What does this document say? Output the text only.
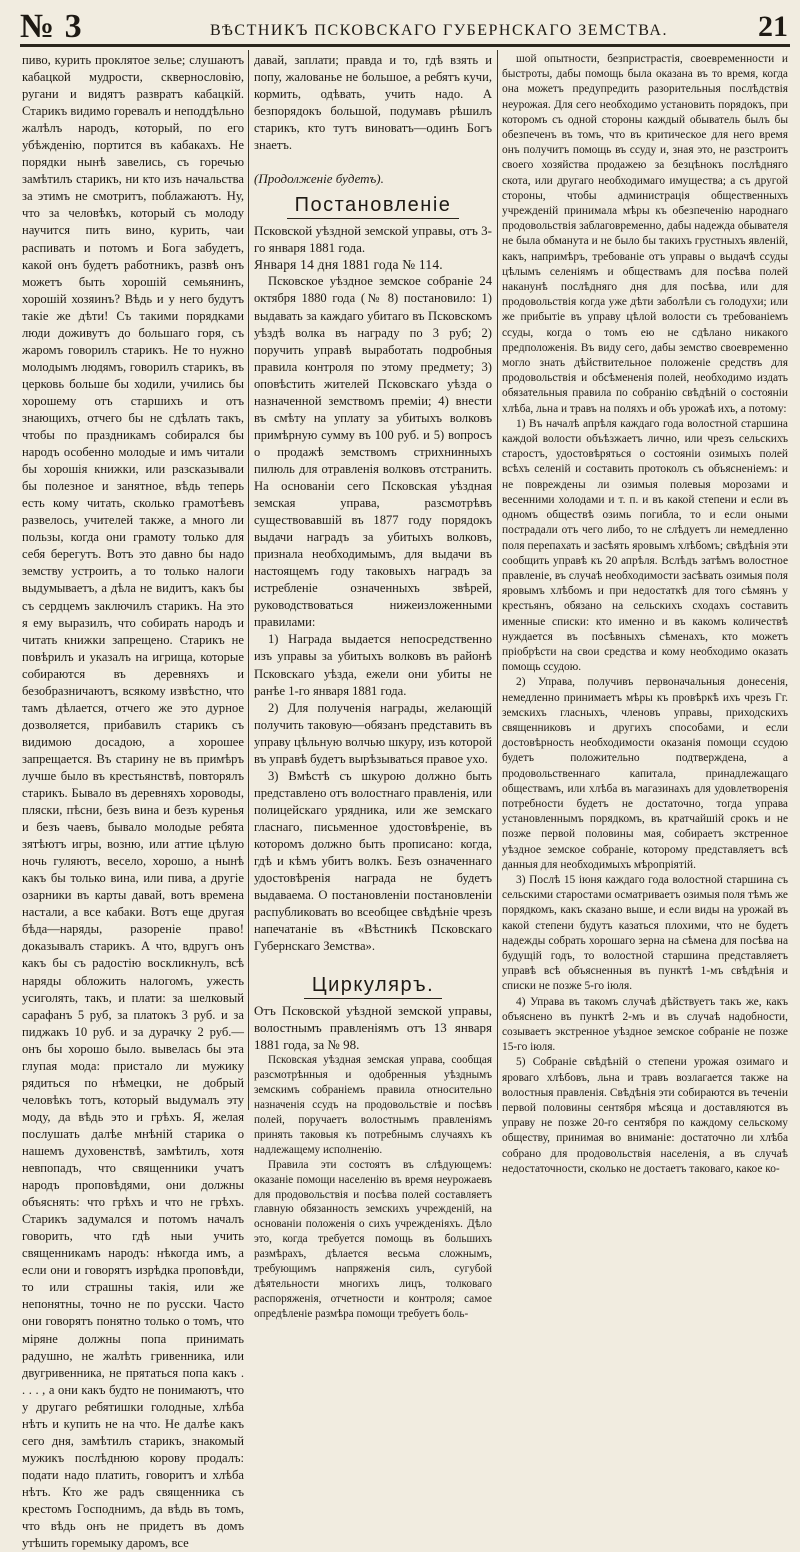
№ 3	ВѢСТНИКЪ ПСКОВСКАГО ГУБЕРНСКАГО ЗЕМСТВА.	21

пиво, курить проклятое зелье; слушаютъ кабацкой мудрости, сквернословію, ругани и видятъ развратъ кабацкій. Старикъ видимо горевалъ и неподдѣльно жалѣлъ народъ, который, по его убѣжденію, портится въ кабакахъ. Не порядки нынѣ завелись, съ горечью замѣтилъ старикъ, ни кто изъ начальства за этимъ не смотритъ, поблажаютъ. Ну, что за человѣкъ, который съ молоду научится пить вино, курить, чаи распивать и потомъ и Бога забудетъ, какой онъ будетъ работникъ, развѣ онъ можетъ быть хорошій семьянинъ, хорошій хозяинъ? Вѣдь и у него будутъ такіе же дѣти! Съ такими порядками люди доживутъ до большаго горя, съ жаромъ говорилъ старикъ. Не то нужно молодымъ людямъ, говорилъ старикъ, въ церковь больше бы ходили, учились бы хорошему отъ старшихъ и отъ знающихъ, отчего бы не сдѣлать такъ, чтобы по праздникамъ собирался бы народъ особенно молодые и имъ читали бы хорошія книжки, или разсказывали бы полезное и занятное, вѣдь теперь есть кому читать, сколько грамотѣевъ развелось, учителей также, а много ли пользы, когда они грамоту только для себя берегутъ. Вотъ это давно бы надо земству устроить, а то только налоги выдумываетъ, а дѣла не видитъ, какъ бы съ сердцемъ заключилъ старикъ. На это я ему выразилъ, что собирать народъ и читать книжки запрещено. Старикъ не повѣрилъ и указалъ на игрища, которые собираются въ деревняхъ и безобразничаютъ, всякому извѣстно, что тамъ дѣлается, отчего же это дурное дозволяется, прибавилъ старикъ съ видимою досадою, а хорошее запрещается. Въ старину не въ примѣръ лучше было въ крестьянствѣ, повторялъ старикъ. Бывало въ деревняхъ хороводы, пляски, пѣсни, безъ вина и безъ куренья и безъ чаевъ, бывало молодые ребята зятѣютъ игры, возню, или аттие цѣлую ночь гуляютъ, весело, хорошо, а нынѣ какъ бы только вина, или пива, а другіе озарники въ карты давай, вотъ времена настали, а все кабаки. Вотъ еще другая бѣда—наряды, разореніе право! доказывалъ старикъ. А что, вдругъ онъ какъ бы съ радостію воскликнулъ, всѣ наряды обложить налогомъ, ужесть усиголять, такъ, и плати: за шелковый сарафанъ 5 руб, за платокъ 3 руб. и за пиджакъ 10 руб. и за дурачку 2 руб.—онъ бы хорошо было. вывелась бы эта глупая мода: пристало ли мужику рядиться по нѣмецки, не добрый человѣкъ тотъ, который выдумалъ эту моду, да вѣдь это и грѣхъ. Я, желая послушать далѣе мнѣній старика о нашемъ духовенствѣ, замѣтилъ, хотя невпопадъ, что священники учатъ народъ проповѣдями, они должны объяснять: что грѣхъ и что не грѣхъ. Старикъ задумался и потомъ началъ говорить, что гдѣ ныи учить священникамъ народъ: нѣкогда имъ, а если они и говорятъ изрѣдка проповѣди, то или страшны такія, или же непонятны, точно не по русски. Часто они говорятъ понятно только о томъ, что міряне должны попа принимать радушно, не жалѣть гривенника, или двугривенника, не прятаться попа какъ . . . . , а они какъ будто не понимаютъ, что у другаго ребятишки голодные, хлѣба нѣтъ и купить не на что. Не далѣе какъ сего дня, замѣтилъ старикъ, знакомый мужикъ послѣднюю корову продалъ: подати надо платить, говоритъ и хлѣба нѣтъ. Кто же радъ священника съ крестомъ Господнимъ, да вѣдь въ томъ, что вѣдь онъ не придетъ въ домъ утѣшить горемыку даромъ, все

давай, заплати; правда и то, гдѣ взять и попу, жалованье не большое, а ребятъ кучи, кормить, одѣвать, учить надо. А безпорядокъ большой, подумавъ рѣшилъ старикъ, кто тутъ виноватъ—одинъ Богъ знаетъ.

(Продолженіе будетъ).

Постановленіе

Псковской уѣздной земской управы, отъ 3-го января 1881 года.

Января 14 дня 1881 года № 114.

Псковское уѣздное земское собраніе 24 октября 1880 года (№ 8) постановило: 1) выдавать за каждаго убитаго въ Псковскомъ уѣздѣ волка въ награду по 3 руб; 2) поручить управѣ выработать подробныя правила контроля по этому предмету; 3) оповѣстить жителей Псковскаго уѣзда о назначенной земствомъ преміи; 4) внести въ смѣту на уплату за убитыхъ волковъ примѣрную сумму въ 100 руб. и 5) вопросъ о продажѣ земствомъ стрихнинныхъ пилюль для отравленія волковъ отстранить. На основаніи сего Псковская уѣздная земская управа, разсмотрѣвъ существовавшій въ 1877 году порядокъ выдачи наградъ за убитыхъ волковъ, признала необходимымъ, для выдачи въ настоящемъ году таковыхъ наградъ за истребленіе означенныхъ звѣрей, руководствоваться нижеизложенными правилами:

1) Награда выдается непосредственно изъ управы за убитыхъ волковъ въ районѣ Псковскаго уѣзда, ежели они убиты не ранѣе 1-го января 1881 года.

2) Для полученія награды, желающій получить таковую—обязанъ представить въ управу цѣльную волчью шкуру, изъ которой въ управѣ будетъ вырѣзываться правое ухо.

3) Вмѣстѣ съ шкурою должно быть представлено отъ волостнаго правленія, или полицейскаго урядника, или же земскаго гласнаго, письменное удостовѣреніе, въ которомъ должно быть прописано: когда, гдѣ и кѣмъ убитъ волкъ. Безъ означеннаго удостовѣренія награда не будетъ выдаваема. О постановленіи постановленіи распубликовать во всеобщее свѣдѣніе чрезъ напечатаніе въ «Вѣстникѣ Псковскаго Губернскаго Земства».

Циркуляръ.

Отъ Псковской уѣздной земской управы, волостнымъ правленіямъ отъ 13 января 1881 года, за № 98.

Псковская уѣздная земская управа, сообщая разсмотрѣнныя и одобренныя уѣзднымъ земскимъ собраніемъ правила относительно назначенія ссудъ на продовольствіе и посѣвъ полей, поручаетъ волостнымъ правленіямъ принять таковыя къ потребнымъ случаяхъ къ надлежащему исполненію.

Правила эти состоятъ въ слѣдующемъ: оказаніе помощи населенію въ время неурожаевъ для продовольствія и посѣва полей составляетъ главную обязанность земскихъ учрежденій, на основаніи положенія о сихъ учрежденіяхъ. Дѣло это, когда требуется помощь въ большихъ размѣрахъ, дѣлается весьма сложнымъ, требующимъ напряженія силъ, сугубой дѣятельности многихъ лицъ, толковаго распоряженія, отчетности и контроля; самое опредѣленіе размѣра помощи требуетъ боль-

шой опытности, безпристрастія, своевременности и быстроты, дабы помощь была оказана въ то время, когда она можетъ предупредить разорительныя послѣдствія неурожая. Для сего необходимо установить порядокъ, при которомъ съ одной стороны каждый обыватель былъ бы обезпеченъ въ томъ, что въ критическое для него время онъ получитъ помощь въ ссуду и, зная это, не разстроитъ своего хозяйства продажею за безцѣнокъ послѣдняго скота, или другаго необходимаго имущества; а съ другой стороны, чтобы администрація общественныхъ учрежденій принимала мѣры къ обезпеченію народнаго продовольствія заблаговременно, дабы надежда обывателя не была обманута и не было бы такихъ грустныхъ явленій, какъ, напримѣръ, требованіе отъ управы о выдачѣ ссуды цѣлымъ селеніямъ и обществамъ для посѣва полей наканунѣ послѣдняго дня для посѣва, или для продовольствія когда уже дѣти заболѣли съ голодухи; или же прибытіе въ управу цѣлой волости съ требованіемъ ссуды, когда о томъ ею не сдѣлано никакого предположенія. Въ виду сего, дабы земство своевременно могло знать дѣйствительное положеніе средствъ для продовольствія и обсѣмененія полей, необходимо издать обязательныя правила по собранію свѣдѣній о состояніи хлѣба, льна и травъ на поляхъ и объ урожаѣ ихъ, а потому:

1) Въ началѣ апрѣля каждаго года волостной старшина каждой волости объѣзжаетъ лично, или чрезъ сельскихъ старостъ, удостовѣряться о состояніи озимыхъ полей всѣхъ селеній и составить протоколъ съ объясненіемъ: и не повреждены ли озимыя полевыя морозами и весенними холодами и т. п. и въ какой степени и если въ одномъ обществѣ озимь погибла, то и если оными пострадали отъ чего либо, то не слѣдуетъ ли немедленно поля перепахать и засѣять яровымъ хлѣбомъ; свѣдѣнія эти сообщить управѣ къ 20 апрѣля. Вслѣдъ затѣмъ волостное правленіе, въ случаѣ необходимости засѣвать озимыя поля яровымъ хлѣбомъ и при недостаткѣ для того сѣмянъ у крестьянъ, обязано на сельскихъ сходахъ составить именные списки: кто именно и въ какомъ количествѣ нуждается въ посѣвныхъ сѣменахъ, кто можетъ пріобрѣсти на свои средства и кому необходимо оказать помощь ссудою.

2) Управа, получивъ первоначальныя донесенія, немедленно принимаетъ мѣры къ провѣркѣ ихъ чрезъ Гг. земскихъ гласныхъ, членовъ управы, приходскихъ священниковъ и другихъ способами, и если достовѣрность необходимости оказанія помощи ссудою будетъ положительно подтверждена, а продовольственнаго капитала, принадлежащаго обществамъ, или хлѣба въ магазинахъ для удовлетворенія потребности будетъ не достаточно, тогда управа установленнымъ порядкомъ, въ кратчайшій срокъ и не позже первой половины мая, собираетъ экстренное уѣздное земское собраніе, которому представляетъ всѣ данныя для необходимыхъ мѣропріятій.

3) Послѣ 15 іюня каждаго года волостной старшина съ сельскими старостами осматриваетъ озимыя поля тѣмъ же порядкомъ, какъ сказано выше, и если виды на урожай въ какой степени будутъ казаться плохими, что не будетъ надежды собрать хорошаго зерна на сѣмена для посѣва на будущій годъ, то волостной старшина представляетъ управѣ всѣ объясненныя въ пунктѣ 1-мъ свѣдѣнія и списки не позже 5-го іюля.

4) Управа въ такомъ случаѣ дѣйствуетъ такъ же, какъ объяснено въ пунктѣ 2-мъ и въ случаѣ надобности, созываетъ экстренное уѣздное земское собраніе не позже 15-го іюля.

5) Собраніе свѣдѣній о степени урожая озимаго и яроваго хлѣбовъ, льна и травъ возлагается также на волостныя правленія. Свѣдѣнія эти собираются въ теченіи первой половины сентября мѣсяца и доставляются въ управу не позже 20-го сентября по каждому сельскому обществу, принимая во вниманіе: достаточно ли хлѣба собрано для продовольствія населенія, а въ случаѣ недостаточности, сколько не достаетъ таковаго, какое ко-
